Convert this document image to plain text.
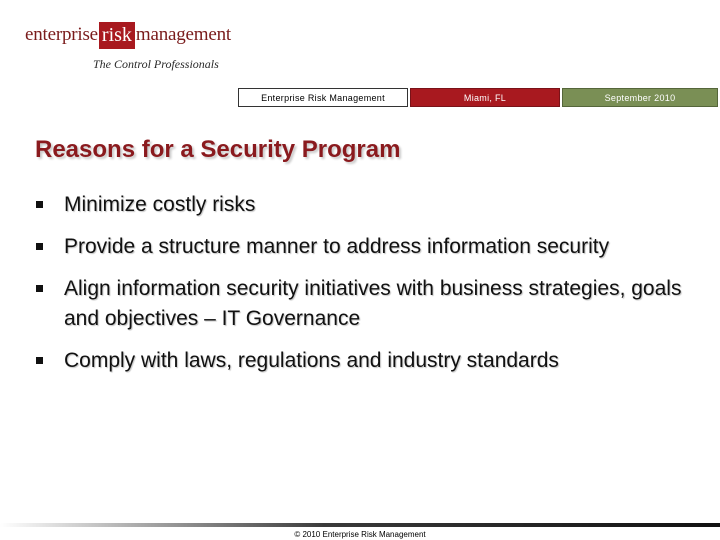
enterprise risk management
The Control Professionals
Enterprise Risk Management	Miami, FL	September 2010
Reasons for a Security Program
Minimize costly risks
Provide a structure manner to address information security
Align information security initiatives with business strategies, goals and objectives – IT Governance
Comply with laws, regulations and industry standards
© 2010 Enterprise Risk Management
